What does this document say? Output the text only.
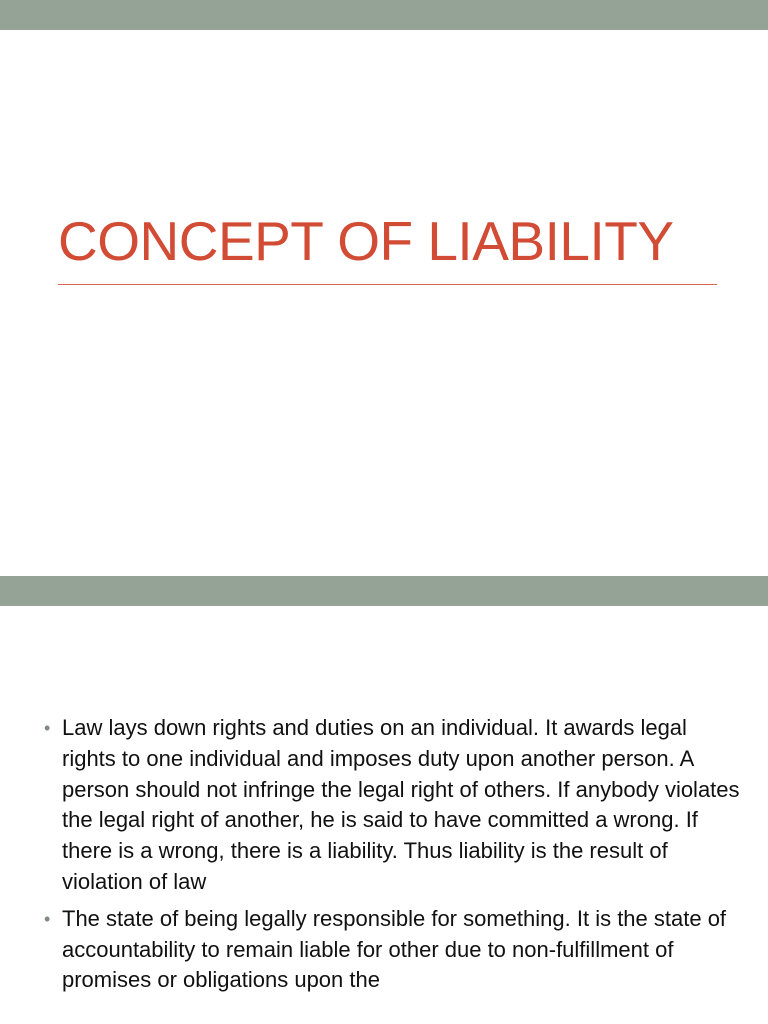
CONCEPT OF LIABILITY
• Law lays down rights and duties on an individual. It awards legal rights to one individual and imposes duty upon another person. A person should not infringe the legal right of others. If anybody violates the legal right of another, he is said to have committed a wrong. If there is a wrong, there is a liability. Thus liability is the result of violation of law
• The state of being legally responsible for something. It is the state of accountability to remain liable for other due to non-fulfillment of promises or obligations upon the
